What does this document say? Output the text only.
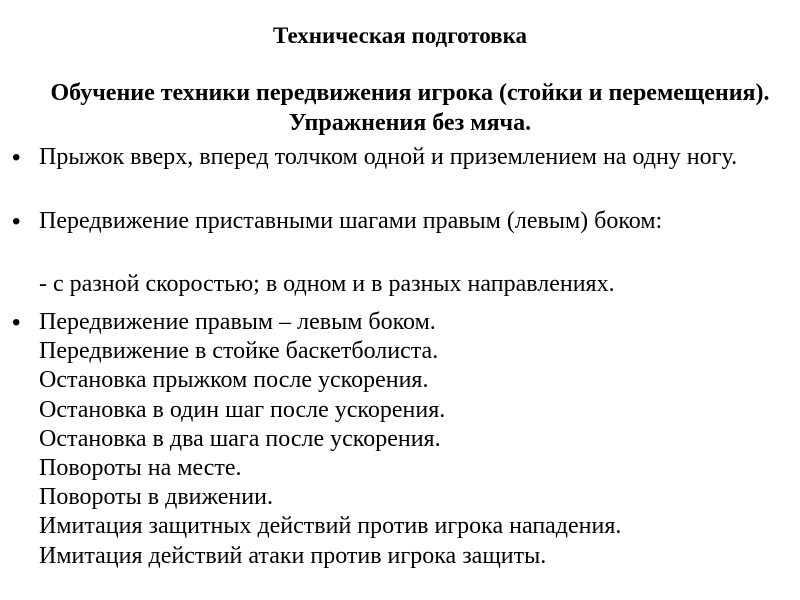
Техническая подготовка
Обучение техники передвижения игрока (стойки и перемещения). Упражнения без мяча.
• Прыжок вверх, вперед толчком одной и приземлением на одну ногу.
• Передвижение приставными шагами правым (левым) боком:
- с разной скоростью; в одном и в разных направлениях.
• Передвижение правым – левым боком.
Передвижение в стойке баскетболиста.
Остановка прыжком после ускорения.
Остановка в один шаг после ускорения.
Остановка в два шага после ускорения.
Повороты на месте.
Повороты в движении.
Имитация защитных действий против игрока нападения.
Имитация действий атаки против игрока защиты.
